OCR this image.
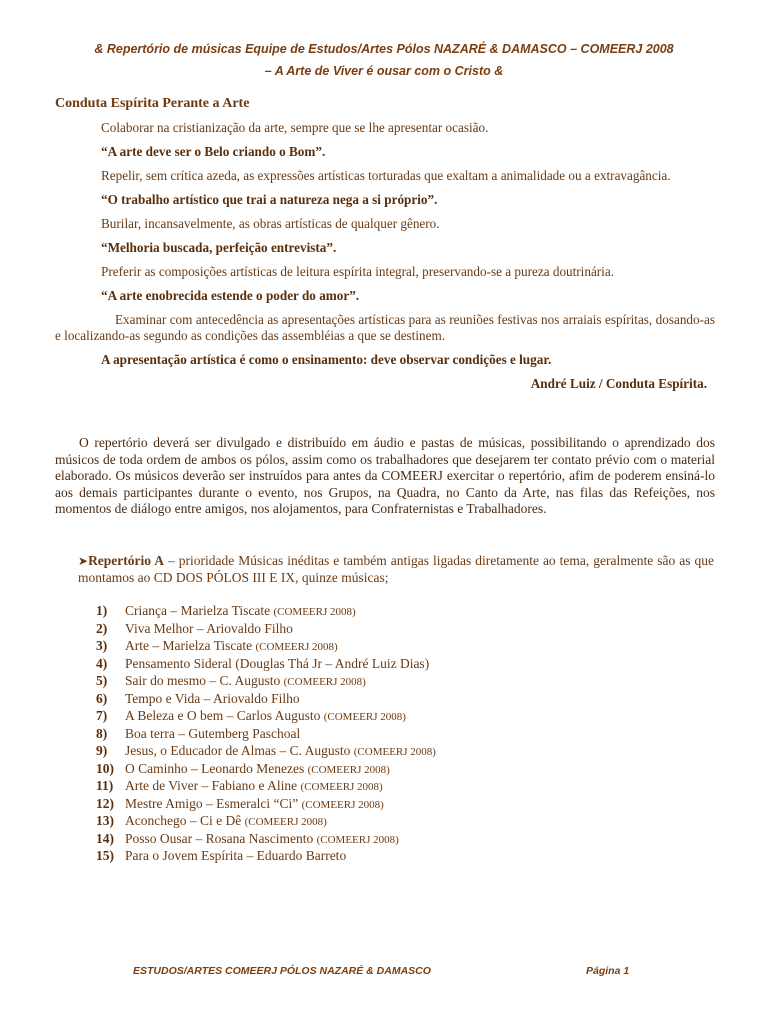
& Repertório de músicas Equipe de Estudos/Artes Pólos NAZARÉ & DAMASCO – COMEERJ 2008
– A Arte de Viver é ousar com o Cristo &
Conduta Espírita Perante a Arte

Colaborar na cristianização da arte, sempre que se lhe apresentar ocasião.

“A arte deve ser o Belo criando o Bom”.

Repelir, sem crítica azeda, as expressões artísticas torturadas que exaltam a animalidade ou a extravagância.

“O trabalho artístico que trai a natureza nega a si próprio”.

Burilar, incansavelmente, as obras artísticas de qualquer gênero.

“Melhoria buscada, perfeição entrevista”.

Preferir as composições artísticas de leitura espírita integral, preservando-se a pureza doutrinária.

“A arte enobrecida estende o poder do amor”.

Examinar com antecedência as apresentações artísticas para as reuniões festivas nos arraiais espíritas, dosando-as e localizando-as segundo as condições das assembléias a que se destinem.

A apresentação artística é como o ensinamento: deve observar condições e lugar.

André Luiz / Conduta Espírita.

O repertório deverá ser divulgado e distribuído em áudio e pastas de músicas, possibilitando o aprendizado dos músicos de toda ordem de ambos os pólos, assim como os trabalhadores que desejarem ter contato prévio com o material elaborado. Os músicos deverão ser instruídos para antes da COMEERJ exercitar o repertório, afim de poderem ensiná-lo aos demais participantes durante o evento, nos Grupos, na Quadra, no Canto da Arte, nas filas das Refeições, nos momentos de diálogo entre amigos, nos alojamentos, para Confraternistas e Trabalhadores.

➤Repertório A – prioridade Músicas inéditas e também antigas ligadas diretamente ao tema, geralmente são as que montamos ao CD DOS PÓLOS III E IX, quinze músicas;

1)	Criança – Marielza Tiscate (COMEERJ 2008)
2)	Viva Melhor – Ariovaldo Filho
3)	Arte – Marielza Tiscate (COMEERJ 2008)
4)	Pensamento Sideral (Douglas Thá Jr – André Luiz Dias)
5)	Sair do mesmo – C. Augusto (COMEERJ 2008)
6)	Tempo e Vida – Ariovaldo Filho
7)	A Beleza e O bem – Carlos Augusto (COMEERJ 2008)
8)	Boa terra – Gutemberg Paschoal
9)	Jesus, o Educador de Almas – C. Augusto (COMEERJ 2008)
10) O Caminho – Leonardo Menezes (COMEERJ 2008)
11) Arte de Viver – Fabiano e Aline (COMEERJ 2008)
12) Mestre Amigo – Esmeralci “Ci” (COMEERJ 2008)
13) Aconchego – Ci e Dê (COMEERJ 2008)
14) Posso Ousar – Rosana Nascimento (COMEERJ 2008)
15) Para o Jovem Espírita – Eduardo Barreto
ESTUDOS/ARTES COMEERJ PÓLOS NAZARÉ & DAMASCO	Página 1
